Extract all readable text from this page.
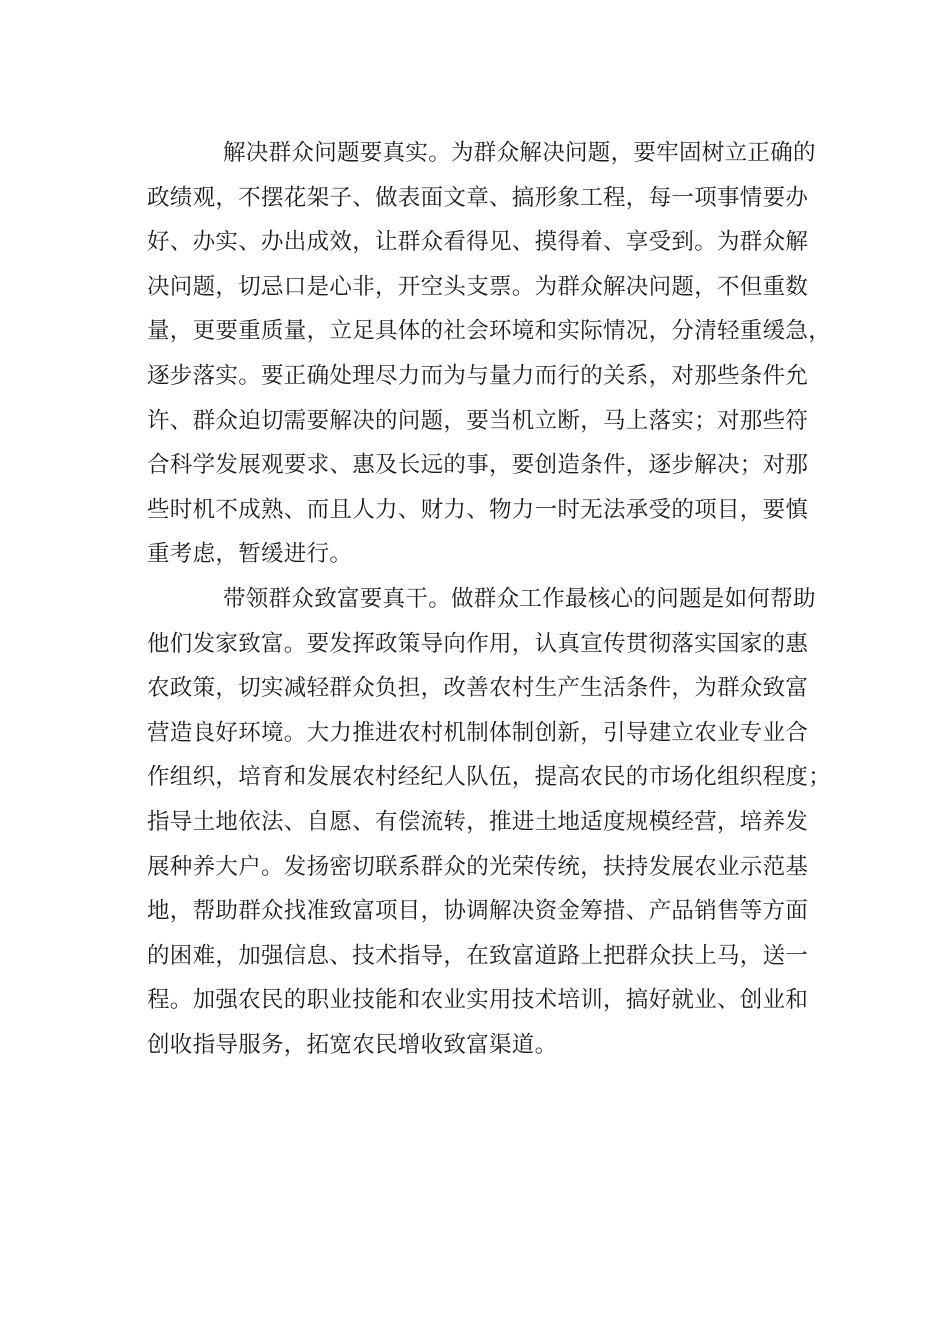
解决群众问题要真实。为群众解决问题，要牢固树立正确的
政绩观，不摆花架子、做表面文章、搞形象工程，每一项事情要办
好、办实、办出成效，让群众看得见、摸得着、享受到。为群众解
决问题，切忌口是心非，开空头支票。为群众解决问题，不但重数
量，更要重质量，立足具体的社会环境和实际情况，分清轻重缓急，
逐步落实。要正确处理尽力而为与量力而行的关系，对那些条件允
许、群众迫切需要解决的问题，要当机立断，马上落实；对那些符
合科学发展观要求、惠及长远的事，要创造条件，逐步解决；对那
些时机不成熟、而且人力、财力、物力一时无法承受的项目，要慎
重考虑，暂缓进行。
带领群众致富要真干。做群众工作最核心的问题是如何帮助
他们发家致富。要发挥政策导向作用，认真宣传贯彻落实国家的惠
农政策，切实减轻群众负担，改善农村生产生活条件，为群众致富
营造良好环境。大力推进农村机制体制创新，引导建立农业专业合
作组织，培育和发展农村经纪人队伍，提高农民的市场化组织程度；
指导土地依法、自愿、有偿流转，推进土地适度规模经营，培养发
展种养大户。发扬密切联系群众的光荣传统，扶持发展农业示范基
地，帮助群众找准致富项目，协调解决资金筹措、产品销售等方面
的困难，加强信息、技术指导，在致富道路上把群众扶上马，送一
程。加强农民的职业技能和农业实用技术培训，搞好就业、创业和
创收指导服务，拓宽农民增收致富渠道。
